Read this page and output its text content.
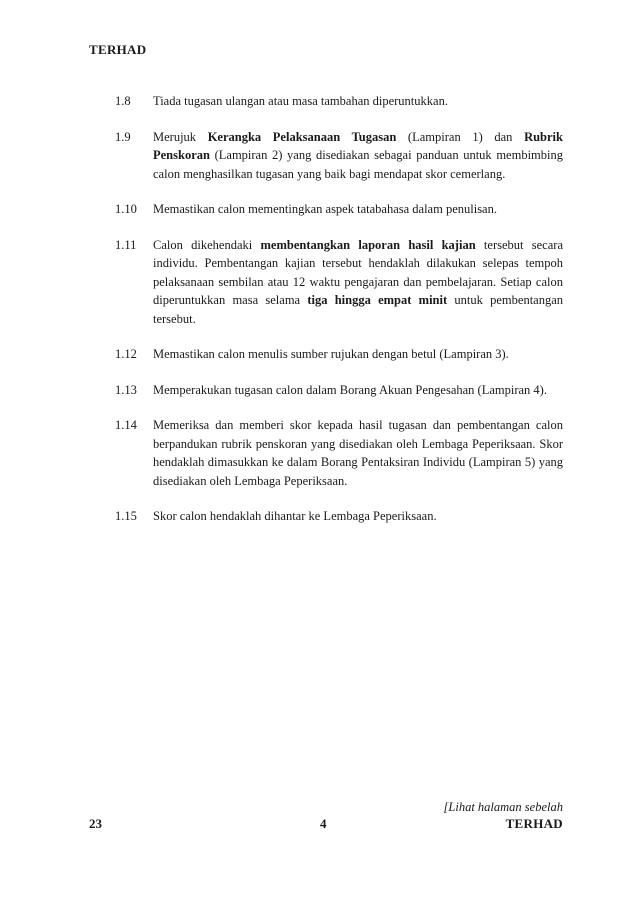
TERHAD
1.8	Tiada tugasan ulangan atau masa tambahan diperuntukkan.
1.9	Merujuk Kerangka Pelaksanaan Tugasan (Lampiran 1) dan Rubrik Penskoran (Lampiran 2) yang disediakan sebagai panduan untuk membimbing calon menghasilkan tugasan yang baik bagi mendapat skor cemerlang.
1.10	Memastikan calon mementingkan aspek tatabahasa dalam penulisan.
1.11	Calon dikehendaki membentangkan laporan hasil kajian tersebut secara individu. Pembentangan kajian tersebut hendaklah dilakukan selepas tempoh pelaksanaan sembilan atau 12 waktu pengajaran dan pembelajaran. Setiap calon diperuntukkan masa selama tiga hingga empat minit untuk pembentangan tersebut.
1.12	Memastikan calon menulis sumber rujukan dengan betul (Lampiran 3).
1.13	Memperakukan tugasan calon dalam Borang Akuan Pengesahan (Lampiran 4).
1.14	Memeriksa dan memberi skor kepada hasil tugasan dan pembentangan calon berpandukan rubrik penskoran yang disediakan oleh Lembaga Peperiksaan. Skor hendaklah dimasukkan ke dalam Borang Pentaksiran Individu (Lampiran 5) yang disediakan oleh Lembaga Peperiksaan.
1.15	Skor calon hendaklah dihantar ke Lembaga Peperiksaan.
[Lihat halaman sebelah
23	4	TERHAD
